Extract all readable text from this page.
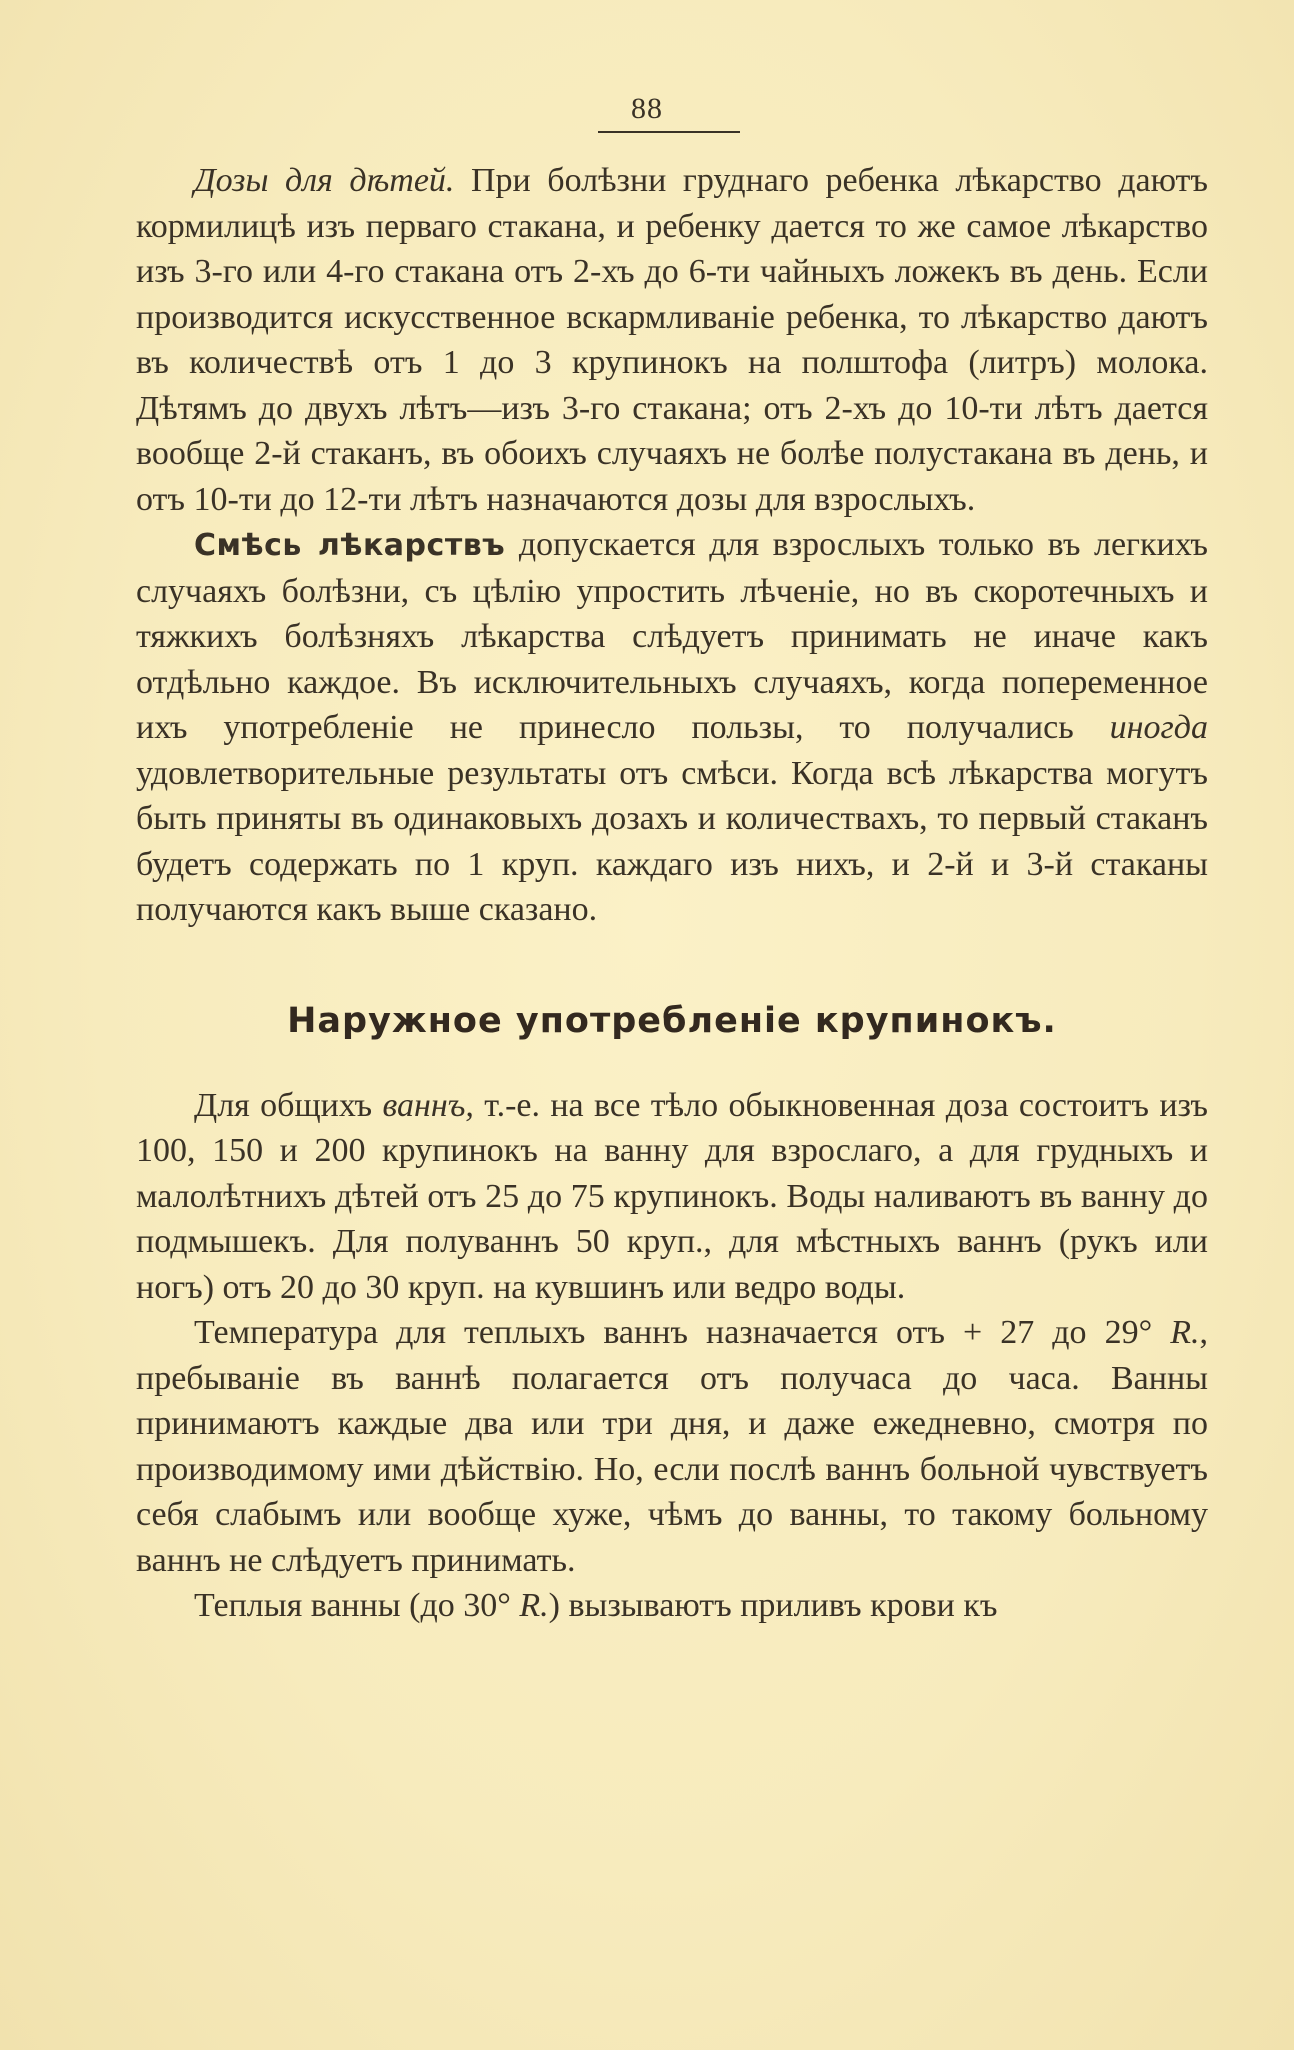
88

Дозы для дѣтей. При болѣзни груднаго ребенка лѣкарство даютъ кормилицѣ изъ перваго стакана, и ребенку дается то же самое лѣкарство изъ 3-го или 4-го стакана отъ 2-хъ до 6-ти чайныхъ ложекъ въ день. Если производится искусственное вскармливаніе ребенка, то лѣкарство даютъ въ количествѣ отъ 1 до 3 крупинокъ на полштофа (литръ) молока. Дѣтямъ до двухъ лѣтъ—изъ 3-го стакана; отъ 2-хъ до 10-ти лѣтъ дается вообще 2-й стаканъ, въ обоихъ случаяхъ не болѣе полустакана въ день, и отъ 10-ти до 12-ти лѣтъ назначаются дозы для взрослыхъ.

Смѣсь лѣкарствъ допускается для взрослыхъ только въ легкихъ случаяхъ болѣзни, съ цѣлію упростить лѣченіе, но въ скоротечныхъ и тяжкихъ болѣзняхъ лѣкарства слѣдуетъ принимать не иначе какъ отдѣльно каждое. Въ исключительныхъ случаяхъ, когда попеременное ихъ употребленіе не принесло пользы, то получались иногда удовлетворительные результаты отъ смѣси. Когда всѣ лѣкарства могутъ быть приняты въ одинаковыхъ дозахъ и количествахъ, то первый стаканъ будетъ содержать по 1 круп. каждаго изъ нихъ, и 2-й и 3-й стаканы получаются какъ выше сказано.

Наружное употребленіе крупинокъ.

Для общихъ ваннъ, т.-е. на все тѣло обыкновенная доза состоитъ изъ 100, 150 и 200 крупинокъ на ванну для взрослаго, а для грудныхъ и малолѣтнихъ дѣтей отъ 25 до 75 крупинокъ. Воды наливаютъ въ ванну до подмышекъ. Для полуваннъ 50 круп., для мѣстныхъ ваннъ (рукъ или ногъ) отъ 20 до 30 круп. на кувшинъ или ведро воды.

Температура для теплыхъ ваннъ назначается отъ + 27 до 29° R., пребываніе въ ваннѣ полагается отъ получаса до часа. Ванны принимаютъ каждые два или три дня, и даже ежедневно, смотря по производимому ими дѣйствію. Но, если послѣ ваннъ больной чувствуетъ себя слабымъ или вообще хуже, чѣмъ до ванны, то такому больному ваннъ не слѣдуетъ принимать.

Теплыя ванны (до 30° R.) вызываютъ приливъ крови къ
